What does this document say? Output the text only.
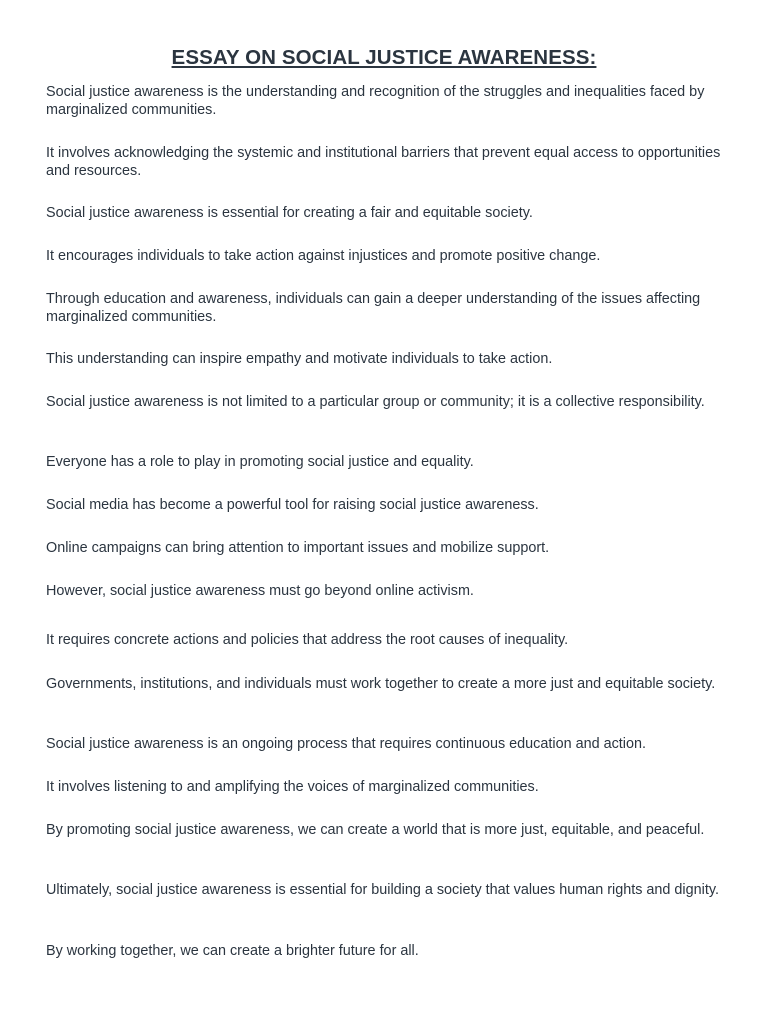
ESSAY ON SOCIAL JUSTICE AWARENESS:

Social justice awareness is the understanding and recognition of the struggles and inequalities faced by marginalized communities.

It involves acknowledging the systemic and institutional barriers that prevent equal access to opportunities and resources.

Social justice awareness is essential for creating a fair and equitable society.

It encourages individuals to take action against injustices and promote positive change.

Through education and awareness, individuals can gain a deeper understanding of the issues affecting marginalized communities.

This understanding can inspire empathy and motivate individuals to take action.

Social justice awareness is not limited to a particular group or community; it is a collective responsibility.

Everyone has a role to play in promoting social justice and equality.

Social media has become a powerful tool for raising social justice awareness.

Online campaigns can bring attention to important issues and mobilize support.

However, social justice awareness must go beyond online activism.

It requires concrete actions and policies that address the root causes of inequality.

Governments, institutions, and individuals must work together to create a more just and equitable society.

Social justice awareness is an ongoing process that requires continuous education and action.

It involves listening to and amplifying the voices of marginalized communities.

By promoting social justice awareness, we can create a world that is more just, equitable, and peaceful.

Ultimately, social justice awareness is essential for building a society that values human rights and dignity.

By working together, we can create a brighter future for all.
